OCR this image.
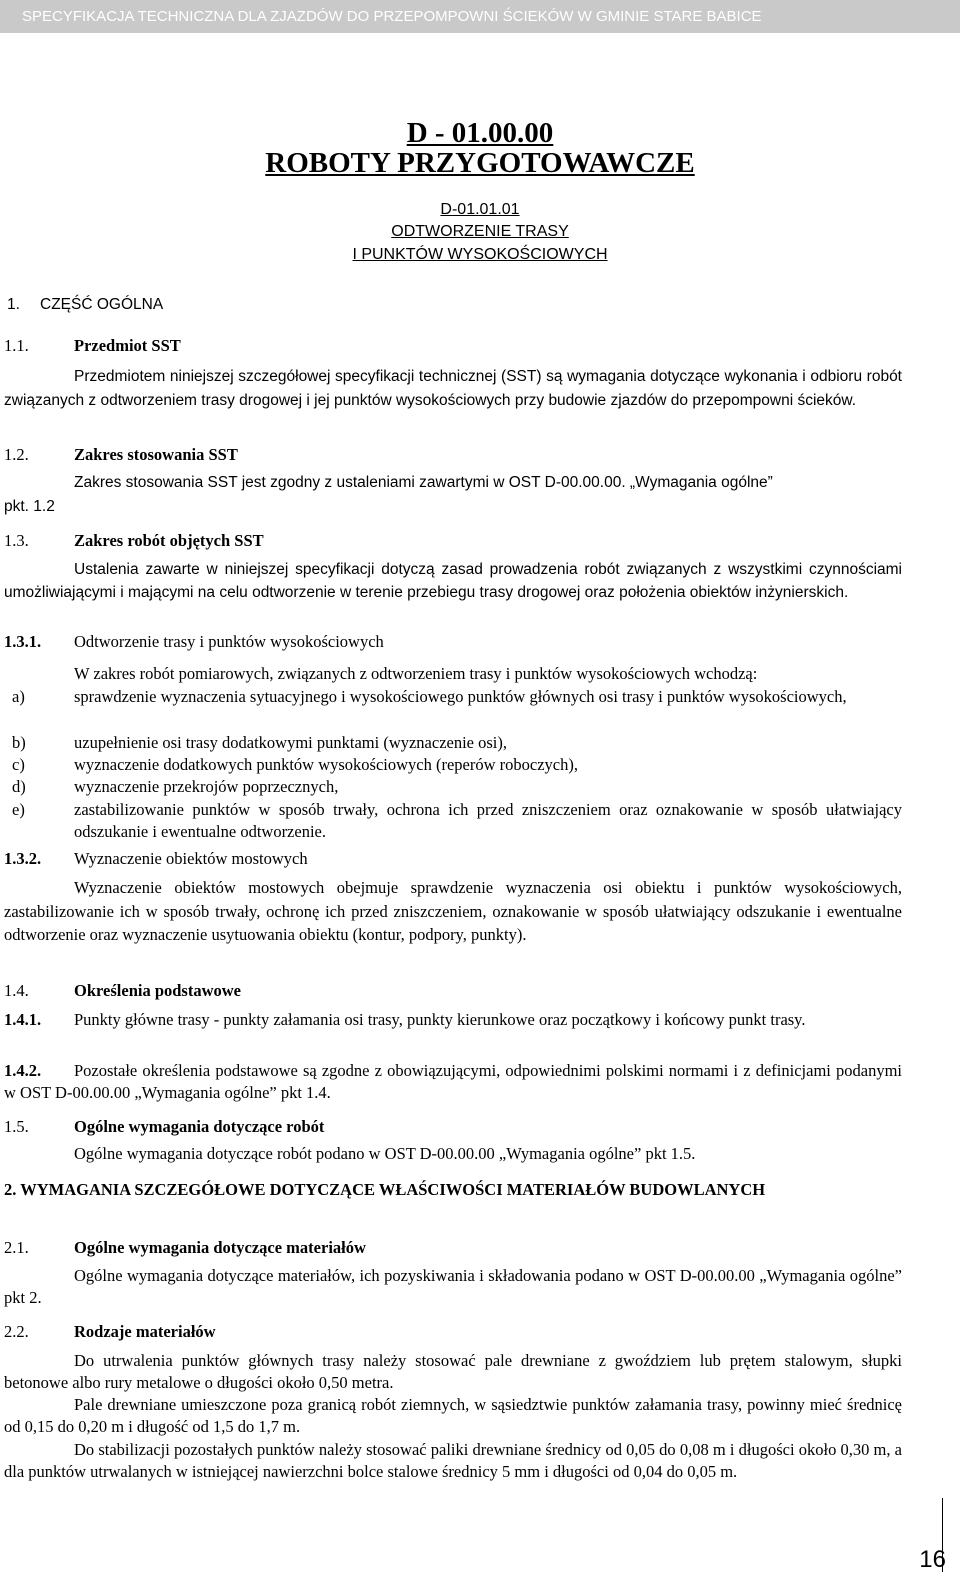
SPECYFIKACJA TECHNICZNA DLA ZJAZDÓW DO PRZEPOMPOWNI ŚCIEKÓW W GMINIE STARE BABICE
D - 01.00.00
ROBOTY PRZYGOTOWAWCZE
D-01.01.01
ODTWORZENIE TRASY
I PUNKTÓW WYSOKOŚCIOWYCH
1. CZĘŚĆ OGÓLNA
1.1.	Przedmiot SST
Przedmiotem niniejszej szczegółowej specyfikacji technicznej (SST) są wymagania dotyczące wykonania i odbioru robót związanych z odtworzeniem trasy drogowej i jej punktów wysokościowych przy budowie zjazdów do przepompowni ścieków.
1.2.	Zakres stosowania SST
Zakres stosowania SST jest zgodny z ustaleniami zawartymi w OST D-00.00.00. „Wymagania ogólne”
pkt. 1.2
1.3.	Zakres robót objętych SST
Ustalenia zawarte w niniejszej specyfikacji dotyczą zasad prowadzenia robót związanych z wszystkimi czynnościami umożliwiającymi i mającymi na celu odtworzenie w terenie przebiegu trasy drogowej oraz położenia obiektów inżynierskich.
1.3.1. Odtworzenie trasy i punktów wysokościowych
W zakres robót pomiarowych, związanych z odtworzeniem trasy i punktów wysokościowych wchodzą:
a)	sprawdzenie wyznaczenia sytuacyjnego i wysokościowego punktów głównych osi trasy i punktów wysokościowych,
b)	uzupełnienie osi trasy dodatkowymi punktami (wyznaczenie osi),
c)	wyznaczenie dodatkowych punktów wysokościowych (reperów roboczych),
d)	wyznaczenie przekrojów poprzecznych,
e)	zastabilizowanie punktów w sposób trwały, ochrona ich przed zniszczeniem oraz oznakowanie w sposób ułatwiający odszukanie i ewentualne odtworzenie.
1.3.2. Wyznaczenie obiektów mostowych
Wyznaczenie obiektów mostowych obejmuje sprawdzenie wyznaczenia osi obiektu i punktów wysokościowych, zastabilizowanie ich w sposób trwały, ochronę ich przed zniszczeniem, oznakowanie w sposób ułatwiający odszukanie i ewentualne odtworzenie oraz wyznaczenie usytuowania obiektu (kontur, podpory, punkty).
1.4.	Określenia podstawowe
1.4.1.	Punkty główne trasy - punkty załamania osi trasy, punkty kierunkowe oraz początkowy i końcowy punkt trasy.
1.4.2.	Pozostałe określenia podstawowe są zgodne z obowiązującymi, odpowiednimi polskimi normami i z definicjami podanymi w OST D-00.00.00 „Wymagania ogólne” pkt 1.4.
1.5.	Ogólne wymagania dotyczące robót
Ogólne wymagania dotyczące robót podano w OST D-00.00.00 „Wymagania ogólne” pkt 1.5.
2. WYMAGANIA SZCZEGÓŁOWE DOTYCZĄCE WŁAŚCIWOŚCI MATERIAŁÓW BUDOWLANYCH
2.1.	Ogólne wymagania dotyczące materiałów
Ogólne wymagania dotyczące materiałów, ich pozyskiwania i składowania podano w OST D-00.00.00 „Wymagania ogólne” pkt 2.
2.2.	Rodzaje materiałów
Do utrwalenia punktów głównych trasy należy stosować pale drewniane z gwoździem lub prętem stalowym, słupki betonowe albo rury metalowe o długości około 0,50 metra.
Pale drewniane umieszczone poza granicą robót ziemnych, w sąsiedztwie punktów załamania trasy, powinny mieć średnicę od 0,15 do 0,20 m i długość od 1,5 do 1,7 m.
Do stabilizacji pozostałych punktów należy stosować paliki drewniane średnicy od 0,05 do 0,08 m i długości około 0,30 m, a dla punktów utrwalanych w istniejącej nawierzchni bolce stalowe średnicy 5 mm i długości od 0,04 do 0,05 m.
16
